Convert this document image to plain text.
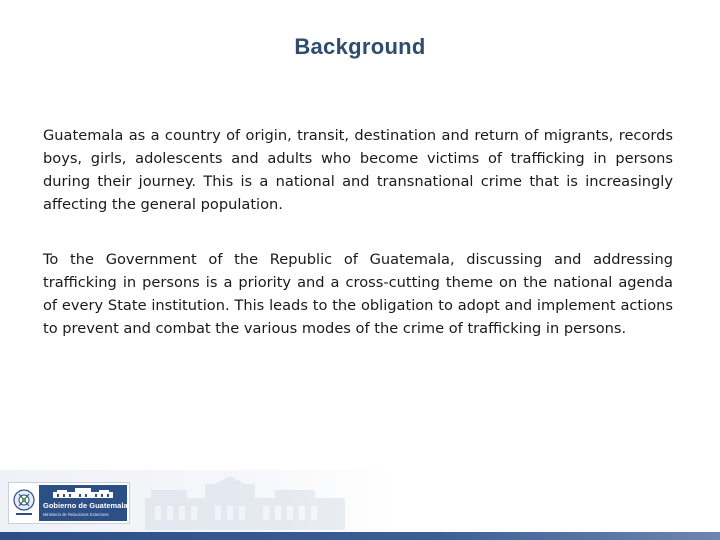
Background

Guatemala as a country of origin, transit, destination and return of migrants, records boys, girls, adolescents and adults who become victims of trafficking in persons during their journey. This is a national and transnational crime that is increasingly affecting the general population.

To the Government of the Republic of Guatemala, discussing and addressing trafficking in persons is a priority and a cross-cutting theme on the national agenda of every State institution. This leads to the obligation to adopt and implement actions to prevent and combat the various modes of the crime of trafficking in persons.

Gobierno de Guatemala
Ministerio de Relaciones Exteriores
